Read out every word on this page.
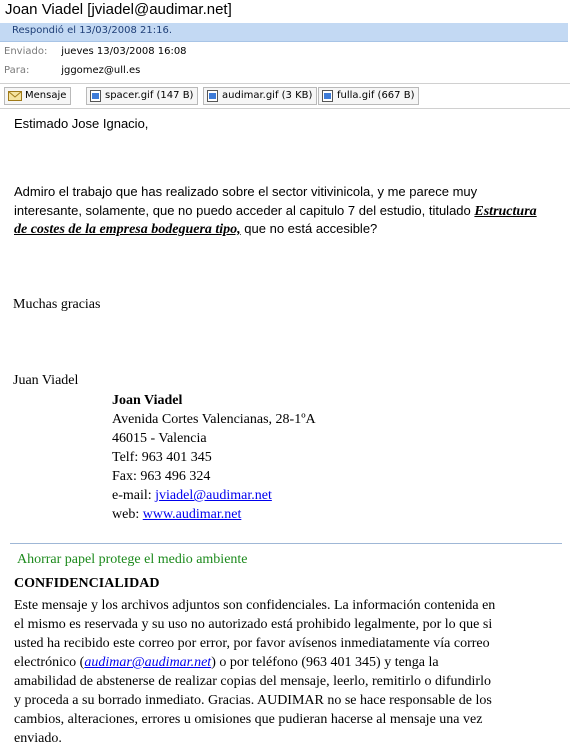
Joan Viadel [jviadel@audimar.net]
Respondió el 13/03/2008 21:16.
Enviado: jueves 13/03/2008 16:08
Para:	jggomez@ull.es
Mensaje	spacer.gif (147 B)	audimar.gif (3 KB)	fulla.gif (667 B)
Estimado Jose Ignacio,
Admiro el trabajo que has realizado sobre el sector vitivinicola, y me parece muy
interesante, solamente, que no puedo acceder al capitulo 7 del estudio, titulado Estructura
de costes de la empresa bodeguera tipo, que no está accesible?
Muchas gracias
Juan Viadel
Joan Viadel
Avenida Cortes Valencianas, 28-1ºA
46015 - Valencia
Telf: 963 401 345
Fax: 963 496 324
e-mail: jviadel@audimar.net
web: www.audimar.net
Ahorrar papel protege el medio ambiente
CONFIDENCIALIDAD
Este mensaje y los archivos adjuntos son confidenciales. La información contenida en
el mismo es reservada y su uso no autorizado está prohibido legalmente, por lo que si
usted ha recibido este correo por error, por favor avísenos inmediatamente vía correo
electrónico (audimar@audimar.net) o por teléfono (963 401 345) y tenga la
amabilidad de abstenerse de realizar copias del mensaje, leerlo, remitirlo o difundirlo
y proceda a su borrado inmediato. Gracias. AUDIMAR no se hace responsable de los
cambios, alteraciones, errores u omisiones que pudieran hacerse al mensaje una vez
enviado.
